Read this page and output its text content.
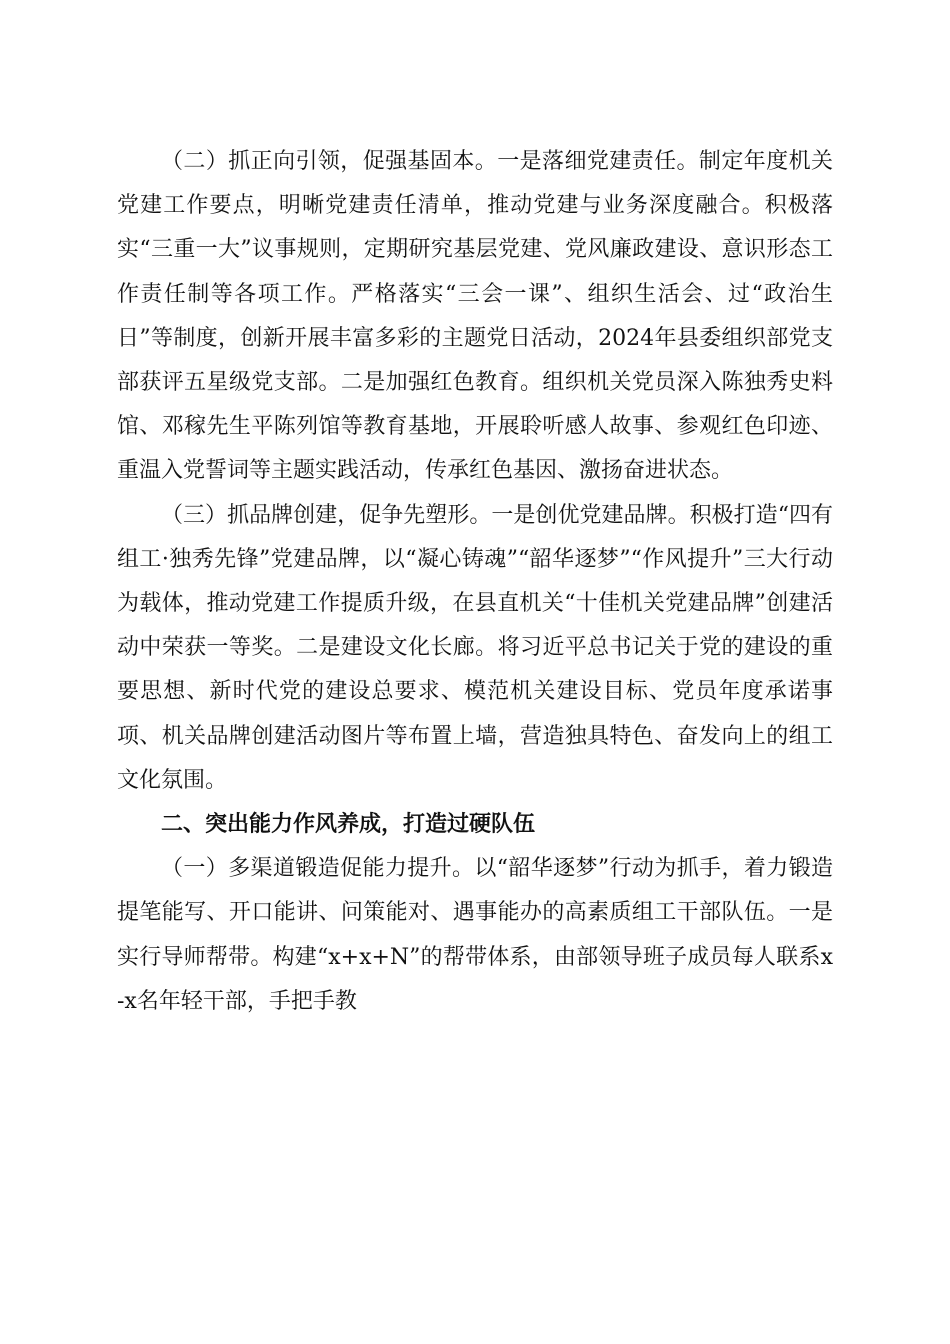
（二）抓正向引领，促强基固本。一是落细党建责任。制定年度机关党建工作要点，明晰党建责任清单，推动党建与业务深度融合。积极落实“三重一大”议事规则，定期研究基层党建、党风廉政建设、意识形态工作责任制等各项工作。严格落实“三会一课”、组织生活会、过“政治生日”等制度，创新开展丰富多彩的主题党日活动，2024年县委组织部党支部获评五星级党支部。二是加强红色教育。组织机关党员深入陈独秀史料馆、邓稼先生平陈列馆等教育基地，开展聆听感人故事、参观红色印迹、重温入党誓词等主题实践活动，传承红色基因、激扬奋进状态。

（三）抓品牌创建，促争先塑形。一是创优党建品牌。积极打造“四有组工·独秀先锋”党建品牌，以“凝心铸魂”“韶华逐梦”“作风提升”三大行动为载体，推动党建工作提质升级，在县直机关“十佳机关党建品牌”创建活动中荣获一等奖。二是建设文化长廊。将习近平总书记关于党的建设的重要思想、新时代党的建设总要求、模范机关建设目标、党员年度承诺事项、机关品牌创建活动图片等布置上墙，营造独具特色、奋发向上的组工文化氛围。

二、突出能力作风养成，打造过硬队伍

（一）多渠道锻造促能力提升。以“韶华逐梦”行动为抓手，着力锻造提笔能写、开口能讲、问策能对、遇事能办的高素质组工干部队伍。一是实行导师帮带。构建“x+x+N”的帮带体系，由部领导班子成员每人联系x-x名年轻干部，手把手教
